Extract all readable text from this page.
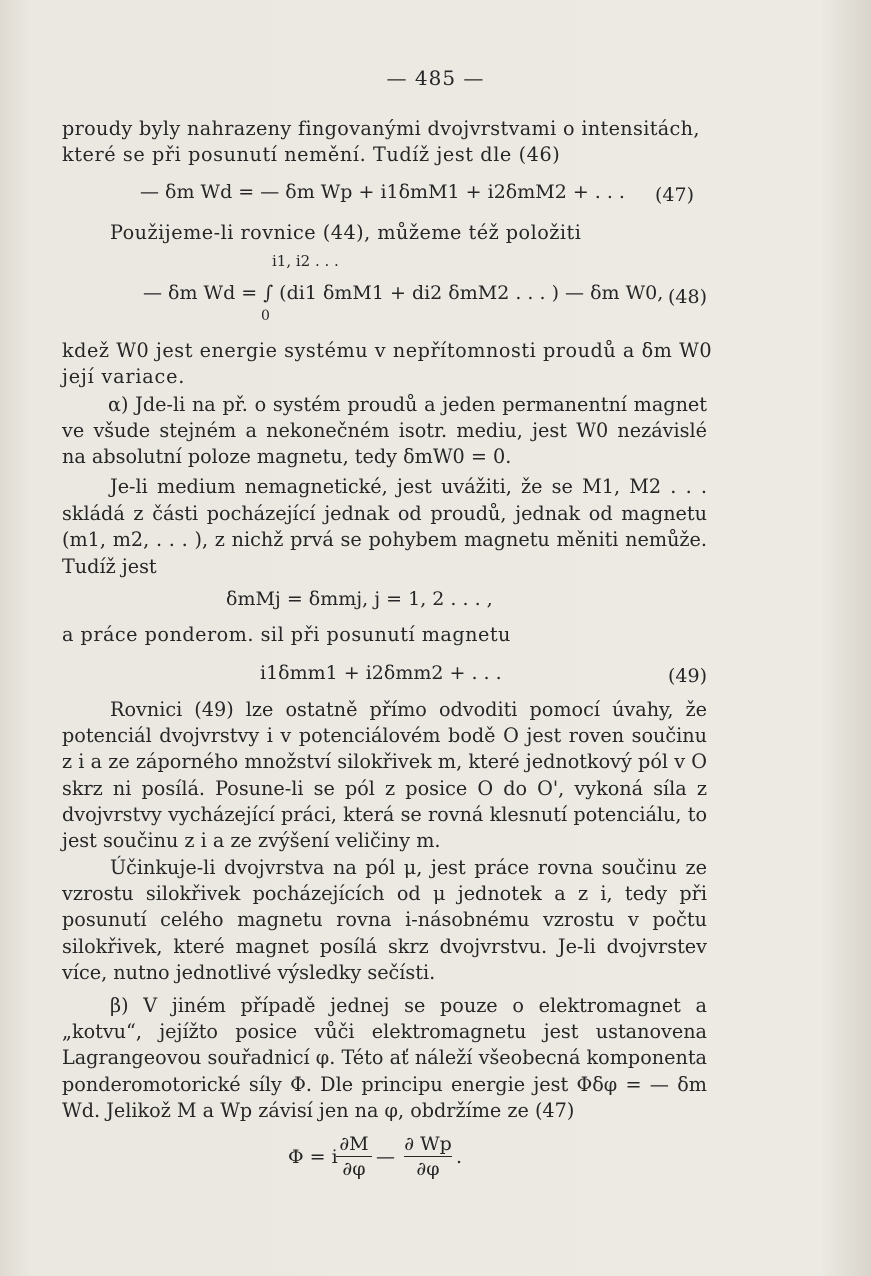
— 485 —
proudy byly nahrazeny fingovanými dvojvrstvami o intensitách,
které se při posunutí nemění. Tudíž jest dle (46)
— δm Wd = — δm Wp + i1δmM1 + i2δmM2 + . . . (47)
Použijeme-li rovnice (44), můžeme též položiti
i1, i2 . . .
— δm Wd = ∫ (di1 δmM1 + di2 δmM2 . . . ) — δm W0,
0
(48)
kdež W0 jest energie systému v nepřítomnosti proudů a δm W0
její variace.
α) Jde-li na př. o systém proudů a jeden permanentní magnet ve všude stejném a nekonečném isotr. mediu, jest W0 nezávislé na absolutní poloze magnetu, tedy δmW0 = 0.
Je-li medium nemagnetické, jest uvážiti, že se M1, M2 . . . skládá z části pocházející jednak od proudů, jednak od magnetu (m1, m2, . . . ), z nichž prvá se pohybem magnetu měniti nemůže. Tudíž jest
δmMj = δmmj, j = 1, 2 . . . ,
a práce ponderom. sil při posunutí magnetu
i1δmm1 + i2δmm2 + . . .	(49)
Rovnici (49) lze ostatně přímo odvoditi pomocí úvahy, že potenciál dvojvrstvy i v potenciálovém bodě O jest roven součinu z i a ze záporného množství silokřivek m, které jednotkový pól v O skrz ni posílá. Posune-li se pól z posice O do O', vykoná síla z dvojvrstvy vycházející práci, která se rovná klesnutí potenciálu, to jest součinu z i a ze zvýšení veličiny m.
Účinkuje-li dvojvrstva na pól μ, jest práce rovna součinu ze vzrostu silokřivek pocházejících od μ jednotek a z i, tedy při posunutí celého magnetu rovna i-násobnému vzrostu v počtu silokřivek, které magnet posílá skrz dvojvrstvu. Je-li dvojvrstev více, nutno jednotlivé výsledky sečísti.
β) V jiném případě jednej se pouze o elektromagnet a „kotvu“, jejížto posice vůči elektromagnetu jest ustanovena Lagrangeovou souřadnicí φ. Této ať náleží všeobecná komponenta ponderomotorické síly Φ. Dle principu energie jest Φδφ = — δm Wd. Jelikož M a Wp závisí jen na φ, obdržíme ze (47)
Φ = i
$\frac{\partial M}{\partial\varphi}$ — $\frac{\partial Wp}{\partial\varphi}$ .
